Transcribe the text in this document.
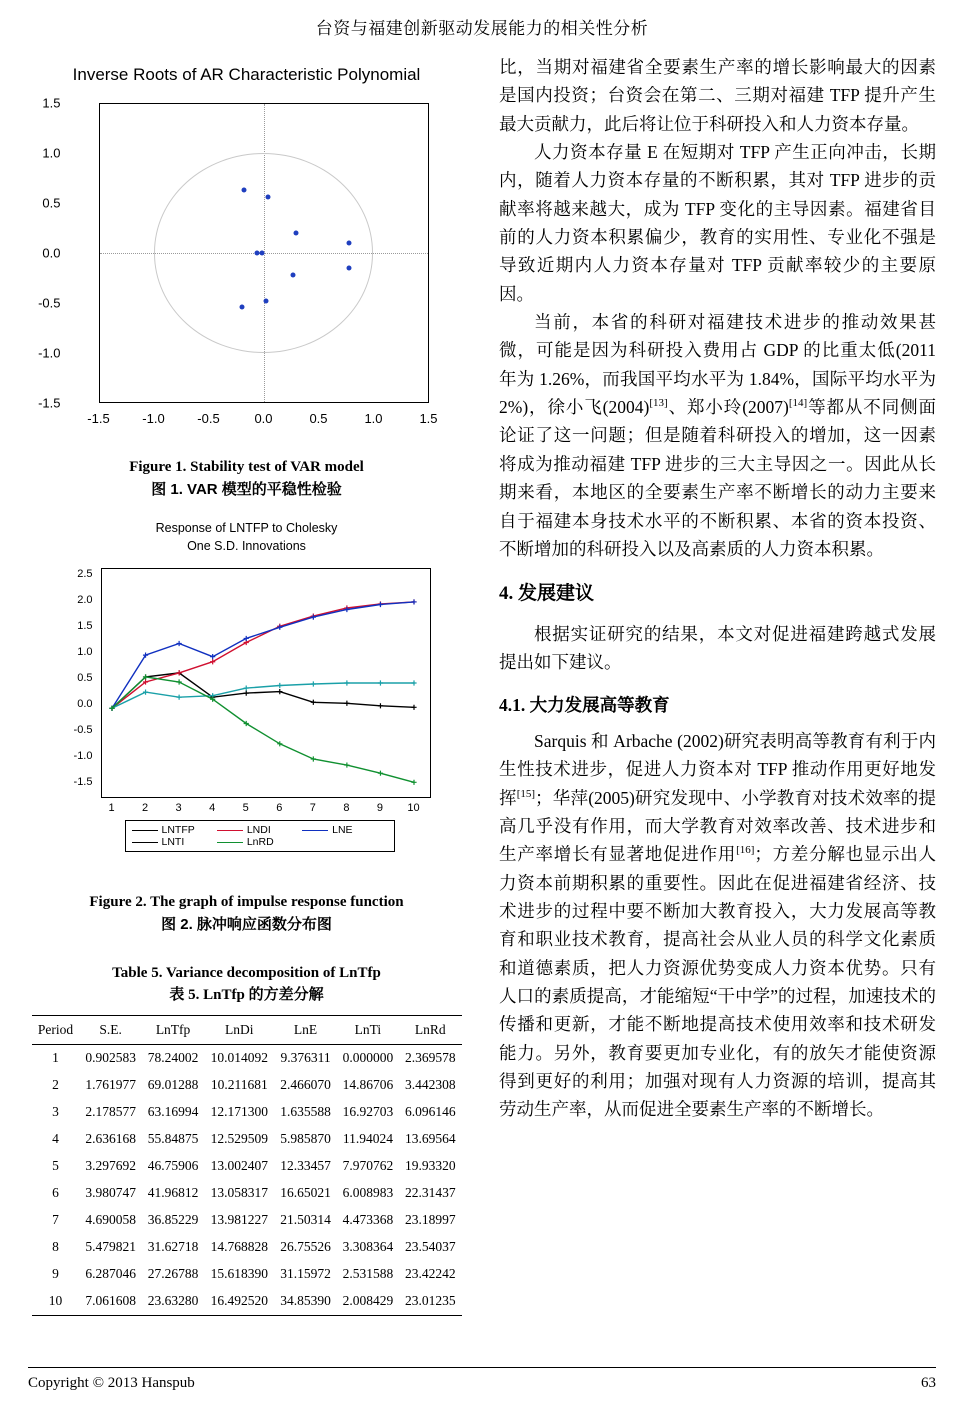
台资与福建创新驱动发展能力的相关性分析
Inverse Roots of AR Characteristic Polynomial
1.5
1.0
0.5
0.0
-0.5
-1.0
-1.5
-1.5	-1.0	-0.5	0.0	0.5	1.0	1.5
Figure 1. Stability test of VAR model
图 1. VAR 模型的平稳性检验
Response of LNTFP to Cholesky
One S.D. Innovations
2.5
2.0
1.5
1.0
0.5
0.0
-0.5
-1.0
-1.5
1	2	3	4	5	6	7	8	9	10
LNTFP	LNDI	LNE
LNTI	LnRD
Figure 2. The graph of impulse response function
图 2. 脉冲响应函数分布图
Table 5. Variance decomposition of LnTfp
表 5. LnTfp 的方差分解
Period	S.E.	LnTfp	LnDi	LnE	LnTi	LnRd
1	0.902583	78.24002	10.014092	9.376311	0.000000	2.369578
2	1.761977	69.01288	10.211681	2.466070	14.86706	3.442308
3	2.178577	63.16994	12.171300	1.635588	16.92703	6.096146
4	2.636168	55.84875	12.529509	5.985870	11.94024	13.69564
5	3.297692	46.75906	13.002407	12.33457	7.970762	19.93320
6	3.980747	41.96812	13.058317	16.65021	6.008983	22.31437
7	4.690058	36.85229	13.981227	21.50314	4.473368	23.18997
8	5.479821	31.62718	14.768828	26.75526	3.308364	23.54037
9	6.287046	27.26788	15.618390	31.15972	2.531588	23.42242
10	7.061608	23.63280	16.492520	34.85390	2.008429	23.01235

比，当期对福建省全要素生产率的增长影响最大的因素是国内投资；台资会在第二、三期对福建 TFP 提升产生最大贡献力，此后将让位于科研投入和人力资本存量。

人力资本存量 E 在短期对 TFP 产生正向冲击，长期内，随着人力资本存量的不断积累，其对 TFP 进步的贡献率将越来越大，成为 TFP 变化的主导因素。福建省目前的人力资本积累偏少，教育的实用性、专业化不强是导致近期内人力资本存量对 TFP 贡献率较少的主要原因。

当前，本省的科研对福建技术进步的推动效果甚微，可能是因为科研投入费用占 GDP 的比重太低(2011 年为 1.26%，而我国平均水平为 1.84%，国际平均水平为 2%)，徐小飞(2004)[13]、郑小玲(2007)[14]等都从不同侧面论证了这一问题；但是随着科研投入的增加，这一因素将成为推动福建 TFP 进步的三大主导因之一。因此从长期来看，本地区的全要素生产率不断增长的动力主要来自于福建本身技术水平的不断积累、本省的资本投资、不断增加的科研投入以及高素质的人力资本积累。

4. 发展建议

根据实证研究的结果，本文对促进福建跨越式发展提出如下建议。

4.1. 大力发展高等教育

Sarquis 和 Arbache (2002)研究表明高等教育有利于内生性技术进步，促进人力资本对 TFP 推动作用更好地发挥[15]；华萍(2005)研究发现中、小学教育对技术效率的提高几乎没有作用，而大学教育对效率改善、技术进步和生产率增长有显著地促进作用[16]；方差分解也显示出人力资本前期积累的重要性。因此在促进福建省经济、技术进步的过程中要不断加大教育投入，大力发展高等教育和职业技术教育，提高社会从业人员的科学文化素质和道德素质，把人力资源优势变成人力资本优势。只有人口的素质提高，才能缩短“干中学”的过程，加速技术的传播和更新，才能不断地提高技术使用效率和技术研发能力。另外，教育要更加专业化，有的放矢才能使资源得到更好的利用；加强对现有人力资源的培训，提高其劳动生产率，从而促进全要素生产率的不断增长。

Copyright © 2013 Hanspub	63
